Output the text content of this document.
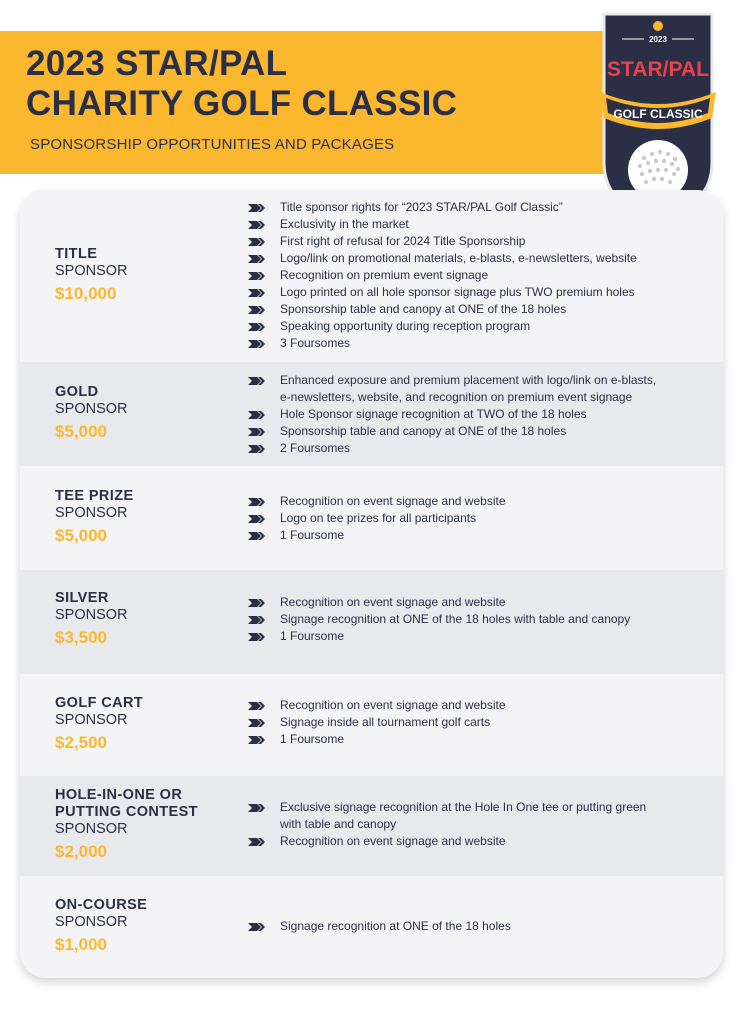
2023 STAR/PAL
CHARITY GOLF CLASSIC
SPONSORSHIP OPPORTUNITIES AND PACKAGES
2023
STAR/PAL
GOLF CLASSIC
TITLE
SPONSOR
$10,000
Title sponsor rights for “2023 STAR/PAL Golf Classic”
Exclusivity in the market
First right of refusal for 2024 Title Sponsorship
Logo/link on promotional materials, e-blasts, e-newsletters, website
Recognition on premium event signage
Logo printed on all hole sponsor signage plus TWO premium holes
Sponsorship table and canopy at ONE of the 18 holes
Speaking opportunity during reception program
3 Foursomes
GOLD
SPONSOR
$5,000
Enhanced exposure and premium placement with logo/link on e-blasts, e-newsletters, website, and recognition on premium event signage
Hole Sponsor signage recognition at TWO of the 18 holes
Sponsorship table and canopy at ONE of the 18 holes
2 Foursomes
TEE PRIZE
SPONSOR
$5,000
Recognition on event signage and website
Logo on tee prizes for all participants
1 Foursome
SILVER
SPONSOR
$3,500
Recognition on event signage and website
Signage recognition at ONE of the 18 holes with table and canopy
1 Foursome
GOLF CART
SPONSOR
$2,500
Recognition on event signage and website
Signage inside all tournament golf carts
1 Foursome
HOLE-IN-ONE OR PUTTING CONTEST
SPONSOR
$2,000
Exclusive signage recognition at the Hole In One tee or putting green with table and canopy
Recognition on event signage and website
ON-COURSE
SPONSOR
$1,000
Signage recognition at ONE of the 18 holes
